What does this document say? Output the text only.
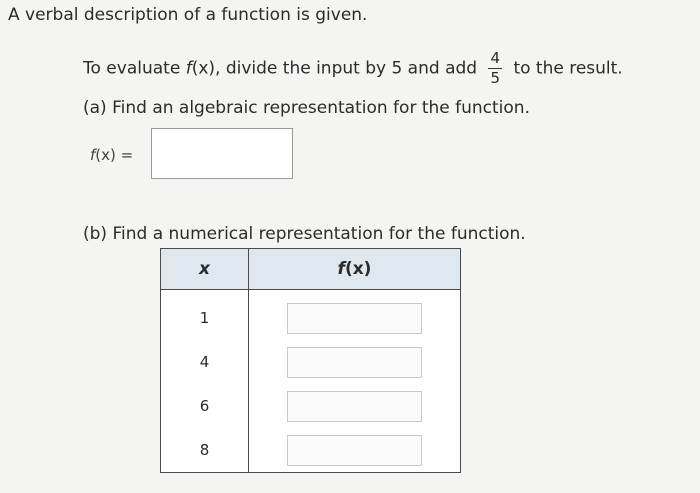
A verbal description of a function is given.
To evaluate f(x), divide the input by 5 and add $\frac{4}{5}$ to the result.
(a) Find an algebraic representation for the function.
f(x) =
(b) Find a numerical representation for the function.
x	f(x)
1	

4	

6	

8	
